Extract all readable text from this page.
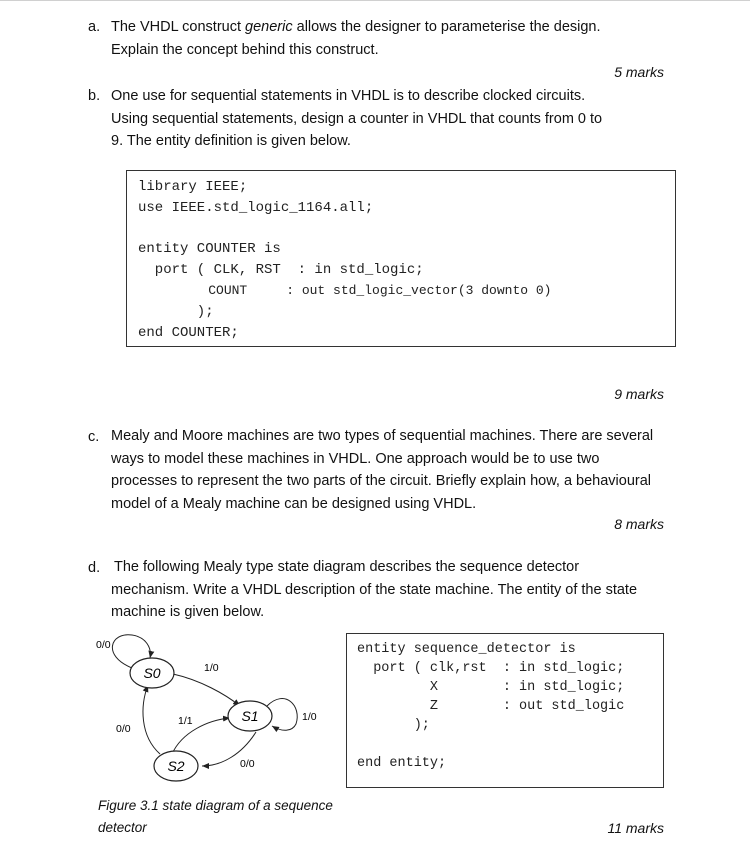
a. The VHDL construct generic allows the designer to parameterise the design.
Explain the concept behind this construct.
5 marks
b. One use for sequential statements in VHDL is to describe clocked circuits.
Using sequential statements, design a counter in VHDL that counts from 0 to
9. The entity definition is given below.
library IEEE;
use IEEE.std_logic_1164.all;

entity COUNTER is
port ( CLK, RST  : in std_logic;
COUNT     : out std_logic_vector(3 downto 0)
);
end COUNTER;
9 marks
c. Mealy and Moore machines are two types of sequential machines. There are several
ways to model these machines in VHDL. One approach would be to use two
processes to represent the two parts of the circuit. Briefly explain how, a behavioural
model of a Mealy machine can be designed using VHDL.
8 marks
d. The following Mealy type state diagram describes the sequence detector
mechanism. Write a VHDL description of the state machine. The entity of the state
machine is given below.
S0
S1
S2
0/0
1/0
1/0
1/1
0/0
0/0
entity sequence_detector is
port ( clk,rst  : in std_logic;
X        : in std_logic;
Z        : out std_logic
);

end entity;
Figure 3.1 state diagram of a sequence
detector	11 marks
